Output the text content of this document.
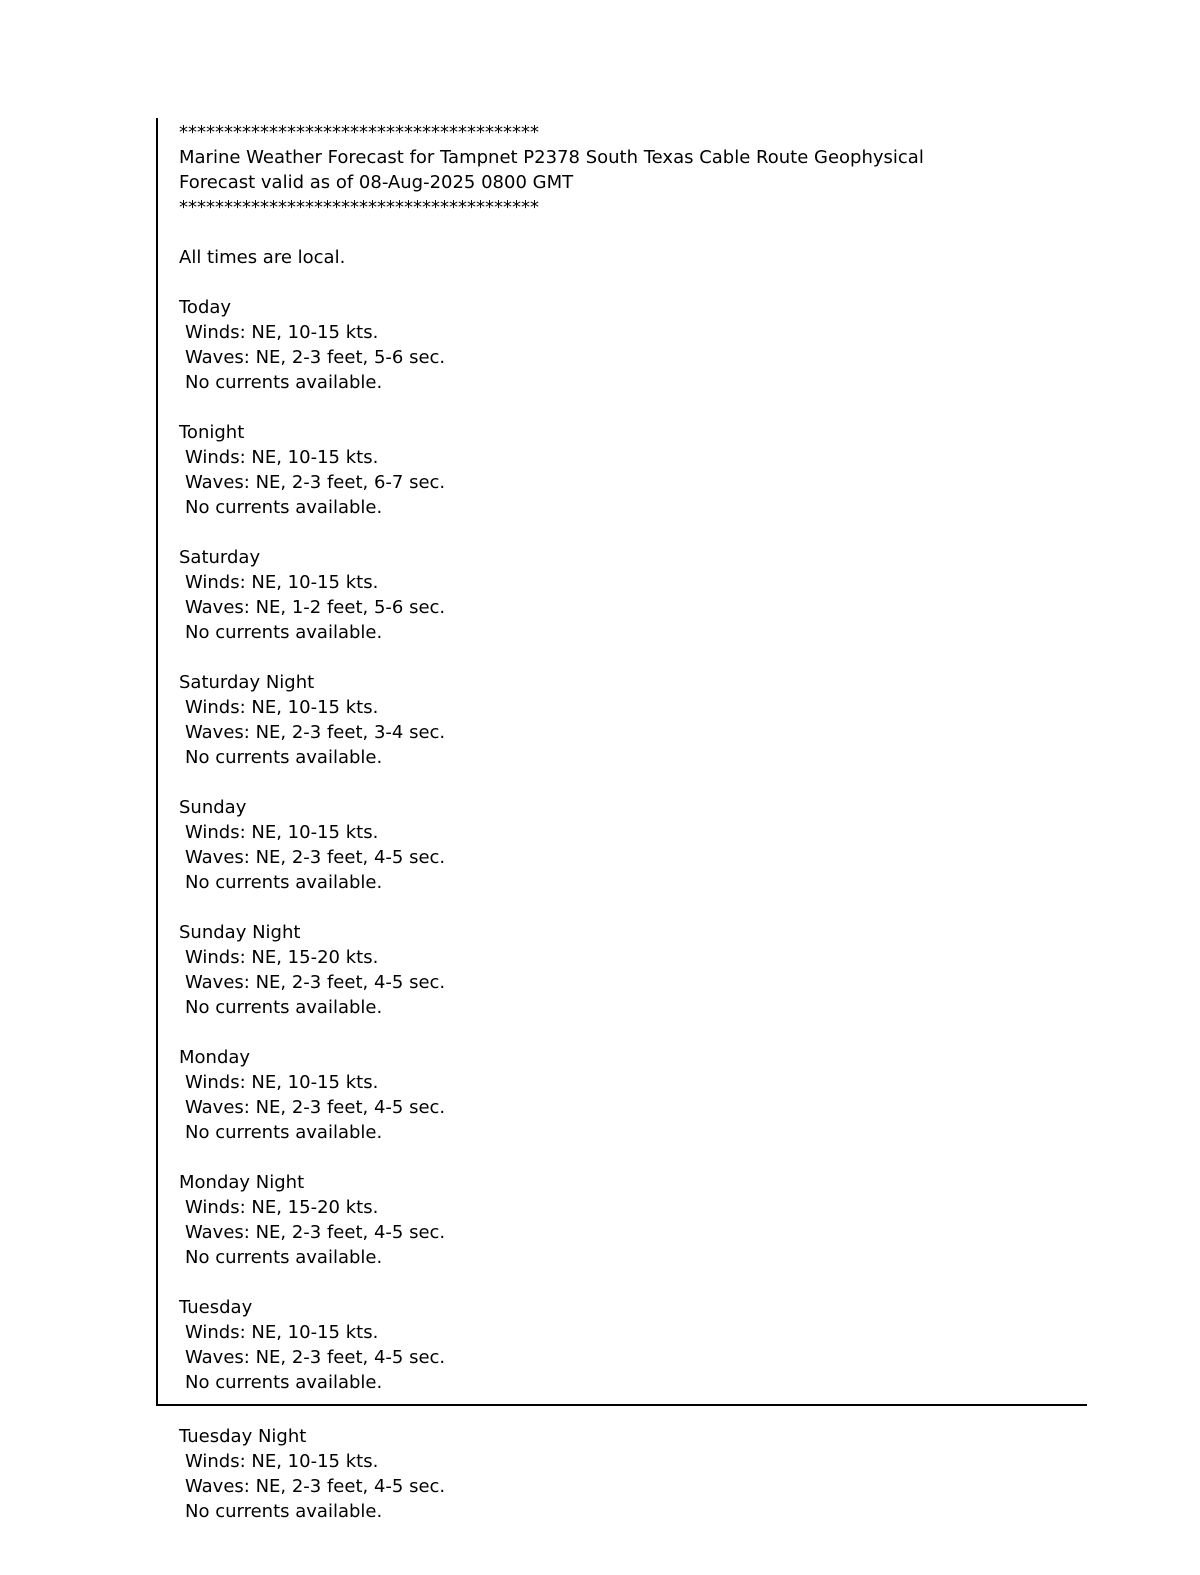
****************************************
Marine Weather Forecast for Tampnet P2378 South Texas Cable Route Geophysical
Forecast valid as of 08-Aug-2025 0800 GMT
****************************************
All times are local.
Today
Winds: NE, 10-15 kts.
Waves: NE, 2-3 feet, 5-6 sec.
No currents available.
Tonight
Winds: NE, 10-15 kts.
Waves: NE, 2-3 feet, 6-7 sec.
No currents available.
Saturday
Winds: NE, 10-15 kts.
Waves: NE, 1-2 feet, 5-6 sec.
No currents available.
Saturday Night
Winds: NE, 10-15 kts.
Waves: NE, 2-3 feet, 3-4 sec.
No currents available.
Sunday
Winds: NE, 10-15 kts.
Waves: NE, 2-3 feet, 4-5 sec.
No currents available.
Sunday Night
Winds: NE, 15-20 kts.
Waves: NE, 2-3 feet, 4-5 sec.
No currents available.
Monday
Winds: NE, 10-15 kts.
Waves: NE, 2-3 feet, 4-5 sec.
No currents available.
Monday Night
Winds: NE, 15-20 kts.
Waves: NE, 2-3 feet, 4-5 sec.
No currents available.
Tuesday
Winds: NE, 10-15 kts.
Waves: NE, 2-3 feet, 4-5 sec.
No currents available.
Tuesday Night
Winds: NE, 10-15 kts.
Waves: NE, 2-3 feet, 4-5 sec.
No currents available.
